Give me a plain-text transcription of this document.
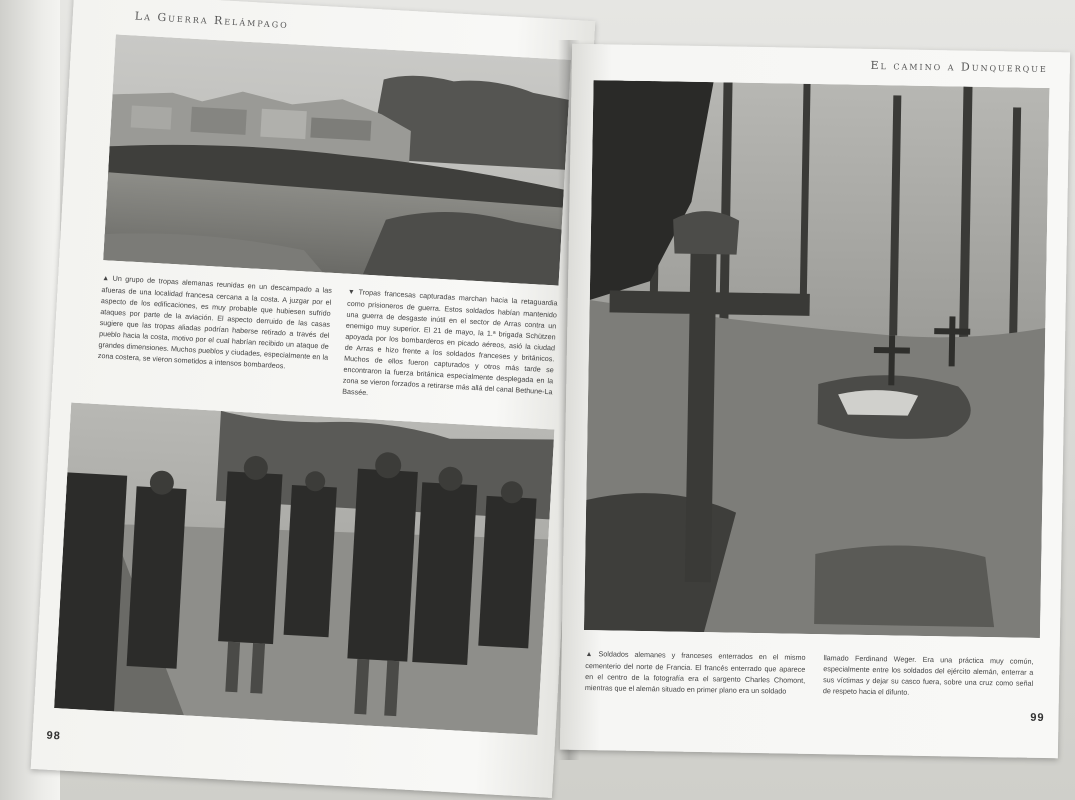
La Guerra Relámpago
▲ Un grupo de tropas alemanas reunidas en un descampado a las afueras de una localidad francesa cercana a la costa. A juzgar por el aspecto de los edificaciones, es muy probable que hubiesen sufrido ataques por parte de la aviación. El aspecto derruido de las casas sugiere que las tropas aliadas podrían haberse retirado a través del pueblo hacia la costa, motivo por el cual habrían recibido un ataque de grandes dimensiones. Muchos pueblos y ciudades, especialmente en la zona costera, se vieron sometidos a intensos bombardeos.
▼ Tropas francesas capturadas marchan hacia la retaguardia como prisioneros de guerra. Estos soldados habían mantenido una guerra de desgaste inútil en el sector de Arras contra un enemigo muy superior. El 21 de mayo, la 1.ª brigada Schützen apoyada por los bombarderos en picado aéreos, asió la ciudad de Arras e hizo frente a los soldados franceses y británicos. Muchos de ellos fueron capturados y otros más tarde se encontraron la fuerza británica especialmente desplegada en la zona se vieron forzados a retirarse más allá del canal Bethune-La Bassée.
98
El camino a Dunquerque
▲ Soldados alemanes y franceses enterrados en el mismo cementerio del norte de Francia. El francés enterrado que aparece en el centro de la fotografía era el sargento Charles Chomont, mientras que el alemán situado en primer plano era un soldado
llamado Ferdinand Weger. Era una práctica muy común, especialmente entre los soldados del ejército alemán, enterrar a sus víctimas y dejar su casco fuera, sobre una cruz como señal de respeto hacia el difunto.
99
